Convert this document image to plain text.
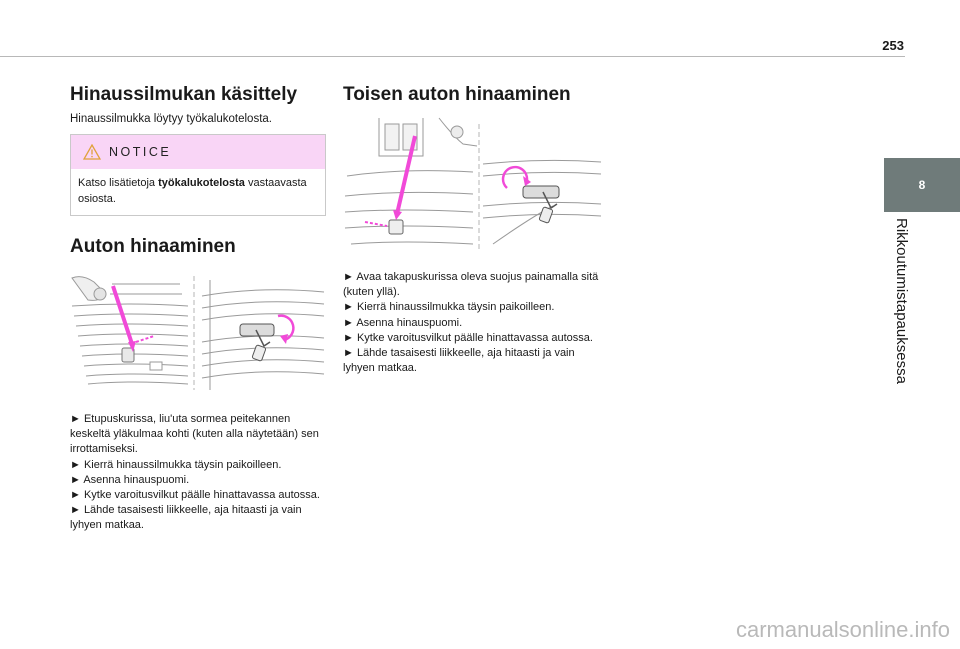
253
8
Rikkoutumistapauksessa
Hinaussilmukan käsittely

Hinaussilmukka löytyy työkalukotelosta.

NOTICE
Katso lisätietoja työkalukotelosta vastaavasta osiosta.
Auton hinaaminen

► Etupuskurissa, liu'uta sormea peitekannen keskeltä yläkulmaa kohti (kuten alla näytetään) sen irrottamiseksi.

► Kierrä hinaussilmukka täysin paikoilleen.

► Asenna hinauspuomi.

► Kytke varoitusvilkut päälle hinattavassa autossa.

► Lähde tasaisesti liikkeelle, aja hitaasti ja vain lyhyen matkaa.

Toisen auton hinaaminen

► Avaa takapuskurissa oleva suojus painamalla sitä (kuten yllä).

► Kierrä hinaussilmukka täysin paikoilleen.

► Asenna hinauspuomi.

► Kytke varoitusvilkut päälle hinattavassa autossa.

► Lähde tasaisesti liikkeelle, aja hitaasti ja vain lyhyen matkaa.

carmanualsonline.info
